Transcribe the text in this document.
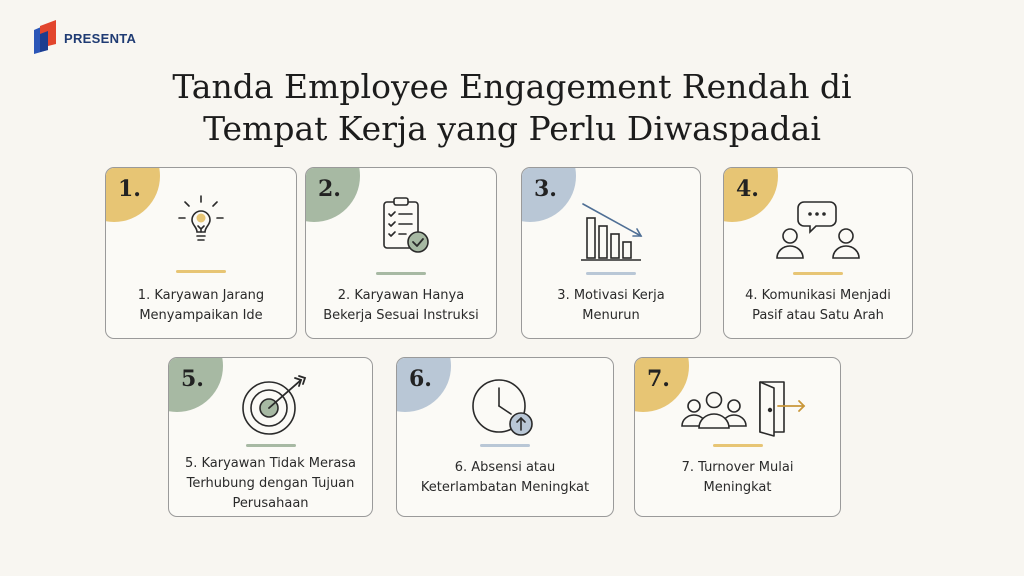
PRESENTA
Tanda Employee Engagement Rendah di
Tempat Kerja yang Perlu Diwaspadai
1.
1. Karyawan Jarang
Menyampaikan Ide
2.
2. Karyawan Hanya
Bekerja Sesuai Instruksi
3.
3. Motivasi Kerja
Menurun
4.
4. Komunikasi Menjadi
Pasif atau Satu Arah
5.
5. Karyawan Tidak Merasa
Terhubung dengan Tujuan
Perusahaan
6.
6. Absensi atau
Keterlambatan Meningkat
7.
7. Turnover Mulai
Meningkat
